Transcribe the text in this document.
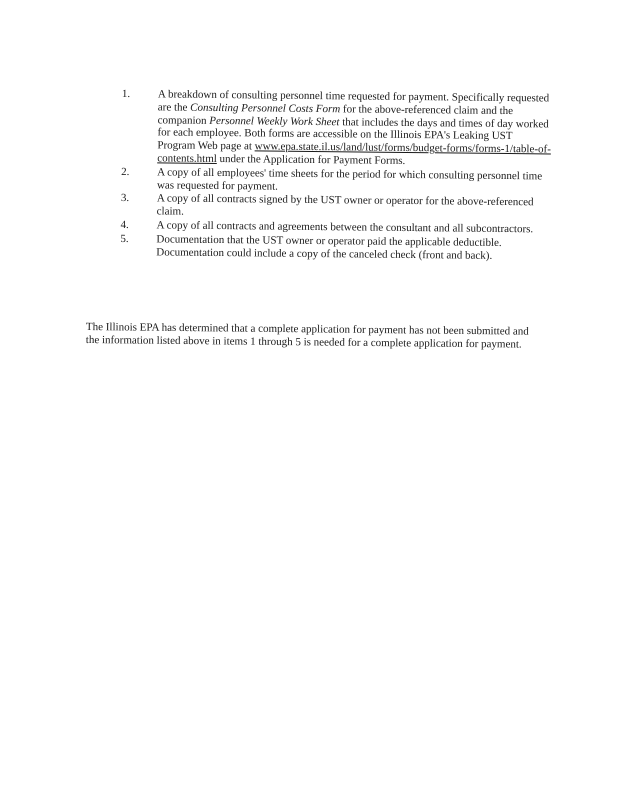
1.	A breakdown of consulting personnel time requested for payment. Specifically requested are the Consulting Personnel Costs Form for the above-referenced claim and the companion Personnel Weekly Work Sheet that includes the days and times of day worked for each employee. Both forms are accessible on the Illinois EPA's Leaking UST Program Web page at www.epa.state.il.us/land/lust/forms/budget-forms/forms-1/table-of-contents.html under the Application for Payment Forms.
2.	A copy of all employees' time sheets for the period for which consulting personnel time was requested for payment.
3.	A copy of all contracts signed by the UST owner or operator for the above-referenced claim.
4.	A copy of all contracts and agreements between the consultant and all subcontractors.
5.	Documentation that the UST owner or operator paid the applicable deductible. Documentation could include a copy of the canceled check (front and back).

The Illinois EPA has determined that a complete application for payment has not been submitted and the information listed above in items 1 through 5 is needed for a complete application for payment.
